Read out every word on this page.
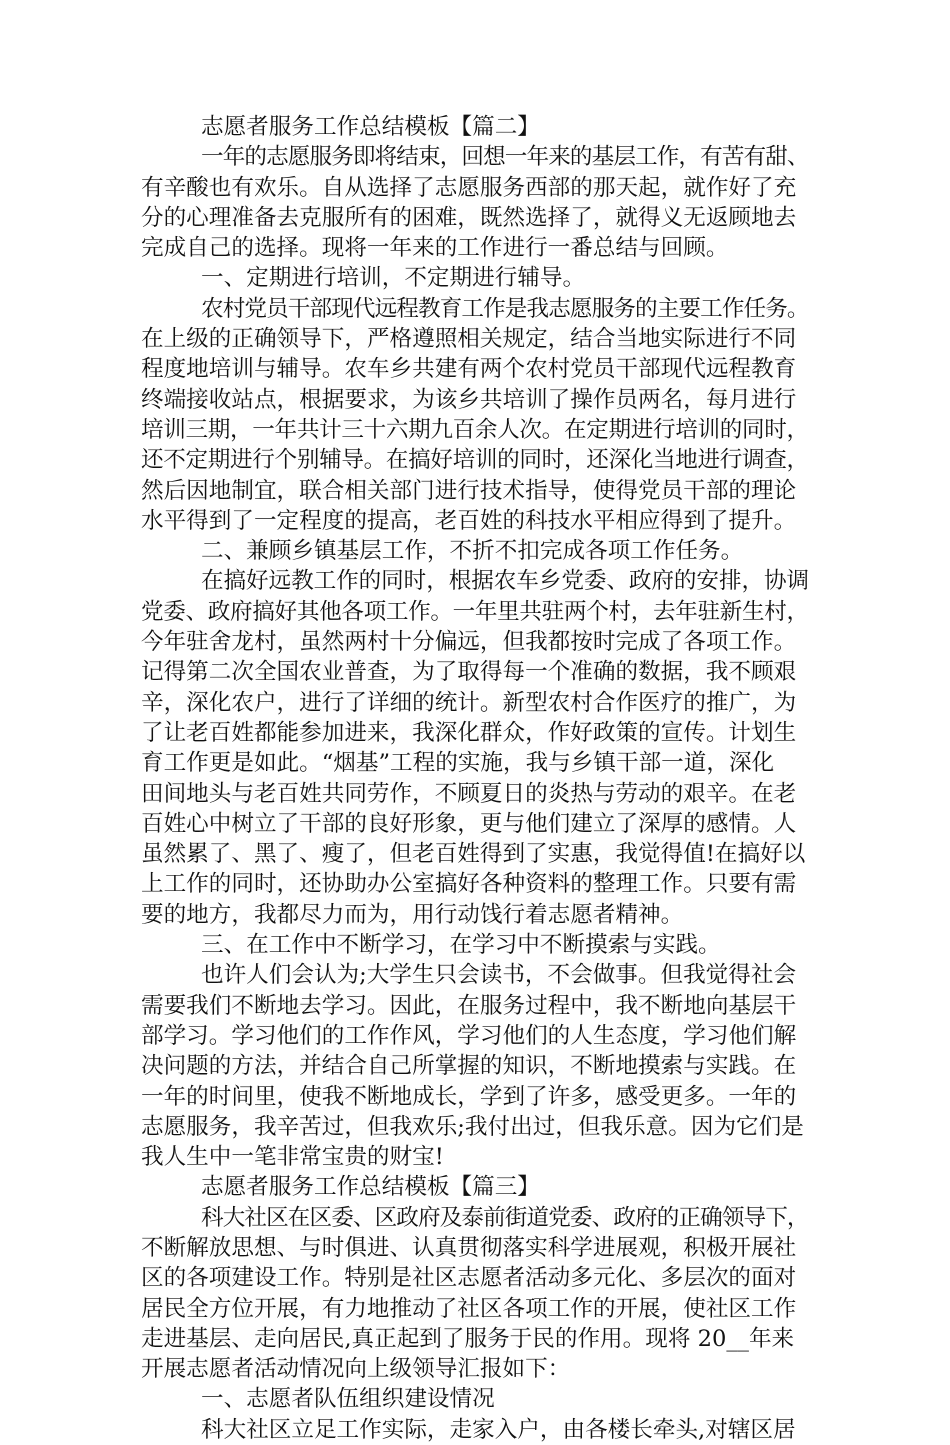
志愿者服务工作总结模板【篇二】
一年的志愿服务即将结束，回想一年来的基层工作，有苦有甜、
有辛酸也有欢乐。自从选择了志愿服务西部的那天起，就作好了充
分的心理准备去克服所有的困难，既然选择了，就得义无返顾地去
完成自己的选择。现将一年来的工作进行一番总结与回顾。
一、定期进行培训，不定期进行辅导。
农村党员干部现代远程教育工作是我志愿服务的主要工作任务。
在上级的正确领导下，严格遵照相关规定，结合当地实际进行不同
程度地培训与辅导。农车乡共建有两个农村党员干部现代远程教育
终端接收站点，根据要求，为该乡共培训了操作员两名，每月进行
培训三期，一年共计三十六期九百余人次。在定期进行培训的同时，
还不定期进行个别辅导。在搞好培训的同时，还深化当地进行调查，
然后因地制宜，联合相关部门进行技术指导，使得党员干部的理论
水平得到了一定程度的提高，老百姓的科技水平相应得到了提升。
二、兼顾乡镇基层工作，不折不扣完成各项工作任务。
在搞好远教工作的同时，根据农车乡党委、政府的安排，协调
党委、政府搞好其他各项工作。一年里共驻两个村，去年驻新生村，
今年驻舍龙村，虽然两村十分偏远，但我都按时完成了各项工作。
记得第二次全国农业普查，为了取得每一个准确的数据，我不顾艰
辛，深化农户，进行了详细的统计。新型农村合作医疗的推广，为
了让老百姓都能参加进来，我深化群众，作好政策的宣传。计划生
育工作更是如此。“烟基”工程的实施，我与乡镇干部一道，深化
田间地头与老百姓共同劳作，不顾夏日的炎热与劳动的艰辛。在老
百姓心中树立了干部的良好形象，更与他们建立了深厚的感情。人
虽然累了、黑了、瘦了，但老百姓得到了实惠，我觉得值!在搞好以
上工作的同时，还协助办公室搞好各种资料的整理工作。只要有需
要的地方，我都尽力而为，用行动饯行着志愿者精神。
三、在工作中不断学习，在学习中不断摸索与实践。
也许人们会认为;大学生只会读书，不会做事。但我觉得社会
需要我们不断地去学习。因此，在服务过程中，我不断地向基层干
部学习。学习他们的工作作风，学习他们的人生态度，学习他们解
决问题的方法，并结合自己所掌握的知识，不断地摸索与实践。在
一年的时间里，使我不断地成长，学到了许多，感受更多。一年的
志愿服务，我辛苦过，但我欢乐;我付出过，但我乐意。因为它们是
我人生中一笔非常宝贵的财宝!
志愿者服务工作总结模板【篇三】
科大社区在区委、区政府及泰前街道党委、政府的正确领导下，
不断解放思想、与时俱进、认真贯彻落实科学进展观，积极开展社
区的各项建设工作。特别是社区志愿者活动多元化、多层次的面对
居民全方位开展，有力地推动了社区各项工作的开展，使社区工作
走进基层、走向居民,真正起到了服务于民的作用。现将 20__年来
开展志愿者活动情况向上级领导汇报如下：
一、志愿者队伍组织建设情况
科大社区立足工作实际，走家入户，由各楼长牵头,对辖区居
